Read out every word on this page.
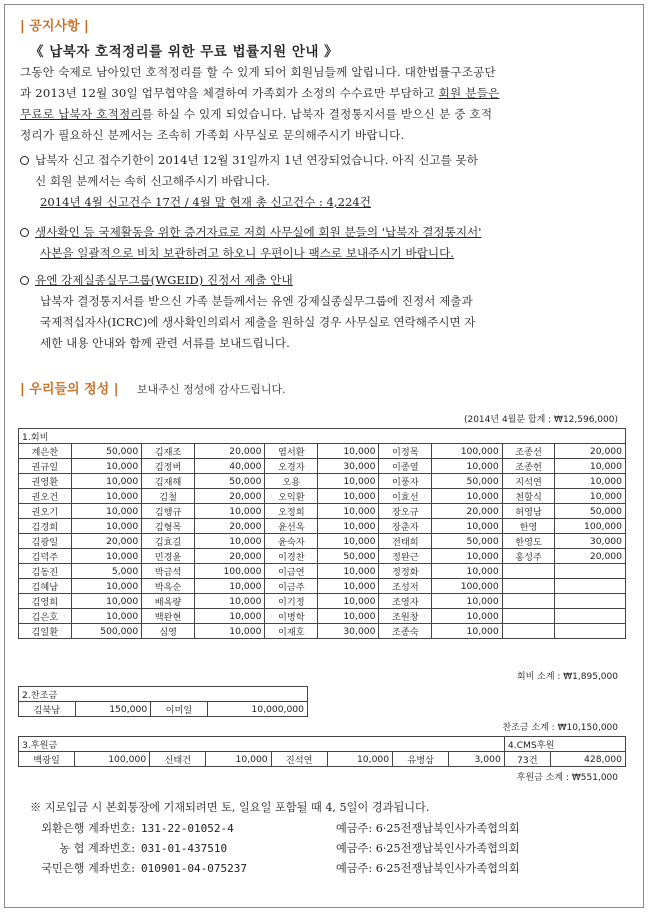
| 공지사항 |
《 납북자 호적정리를 위한 무료 법률지원 안내 》
그동안 숙제로 남아있던 호적정리를 할 수 있게 되어 회원님들께 알립니다. 대한법률구조공단
과 2013년 12월 30일 업무협약을 체결하여 가족회가 소정의 수수료만 부담하고 회원 분들은
무료로 납북자 호적정리를 하실 수 있게 되었습니다. 납북자 결정통지서를 받으신 분 중 호적
정리가 필요하신 분께서는 조속히 가족회 사무실로 문의해주시기 바랍니다.
납북자 신고 접수기한이 2014년 12월 31일까지 1년 연장되었습니다. 아직 신고를 못하
신 회원 분께서는 속히 신고해주시기 바랍니다.
2014년 4월 신고건수 17건 / 4월 말 현재 총 신고건수 : 4,224건
생사확인 등 국제활동을 위한 증거자료로 저희 사무실에 회원 분들의 '납북자 결정통지서'
사본을 일괄적으로 비치 보관하려고 하오니 우편이나 팩스로 보내주시기 바랍니다.
유엔 강제실종실무그룹(WGEID) 진정서 제출 안내
납북자 결정통지서를 받으신 가족 분들께서는 유엔 강제실종실무그룹에 진정서 제출과
국제적십자사(ICRC)에 생사확인의뢰서 제출을 원하실 경우 사무실로 연락해주시면 자
세한 내용 안내와 함께 관련 서류를 보내드립니다.
| 우리들의 정성 | 보내주신 정성에 감사드립니다.
(2014년 4월분 합계 : ₩12,596,000)
1.회비									
계은찬	50,000	김재조	20,000	염서환	10,000	이정목	100,000	조종선	20,000
권규일	10,000	김정버	40,000	오경자	30,000	이종열	10,000	조종헌	10,000
권영환	10,000	김재해	50,000	오용	10,000	이풍자	50,000	지석연	10,000
권오건	10,000	김철	20,000	오익환	10,000	이효선	10,000	천할식	10,000
권오기	10,000	김행규	10,000	오정희	10,000	장오규	20,000	허영남	50,000
김경희	10,000	김형목	20,000	윤선옥	10,000	장춘자	10,000	한영	100,000
김광일	20,000	김효길	10,000	윤숙자	10,000	전태희	50,000	한영도	30,000
김덕주	10,000	민경윤	20,000	이경찬	50,000	정완근	10,000	홍성주	20,000
김동진	5,000	박금석	100,000	이금연	10,000	정정화	10,000		
김혜남	10,000	박옥순	10,000	이금주	10,000	조성저	100,000		
김영희	10,000	배옥량	10,000	이기정	10,000	조영자	10,000		
김은호	10,000	백완현	10,000	이병학	10,000	조원창	10,000		
김일환	500,000	심영	10,000	이재호	30,000	조종숙	10,000		
회비 소계 : ₩1,895,000
2.찬조금
김북남	150,000	이미일	10,000,000
찬조금 소계 : ₩10,150,000
3.후원금								4.CMS후원	
백광일	100,000	신태건	10,000	진석연	10,000	유병삼	3,000	73건	428,000
후원금 소계 : ₩551,000
※ 지로입금 시 본회통장에 기재되려면 토, 일요일 포함될 때 4, 5일이 경과됩니다.
외환은행 계좌번호: 131-22-01052-4	예금주: 6·25전쟁납북인사가족협의회
농 협 계좌번호: 031-01-437510	예금주: 6·25전쟁납북인사가족협의회
국민은행 계좌번호: 010901-04-075237	예금주: 6·25전쟁납북인사가족협의회
